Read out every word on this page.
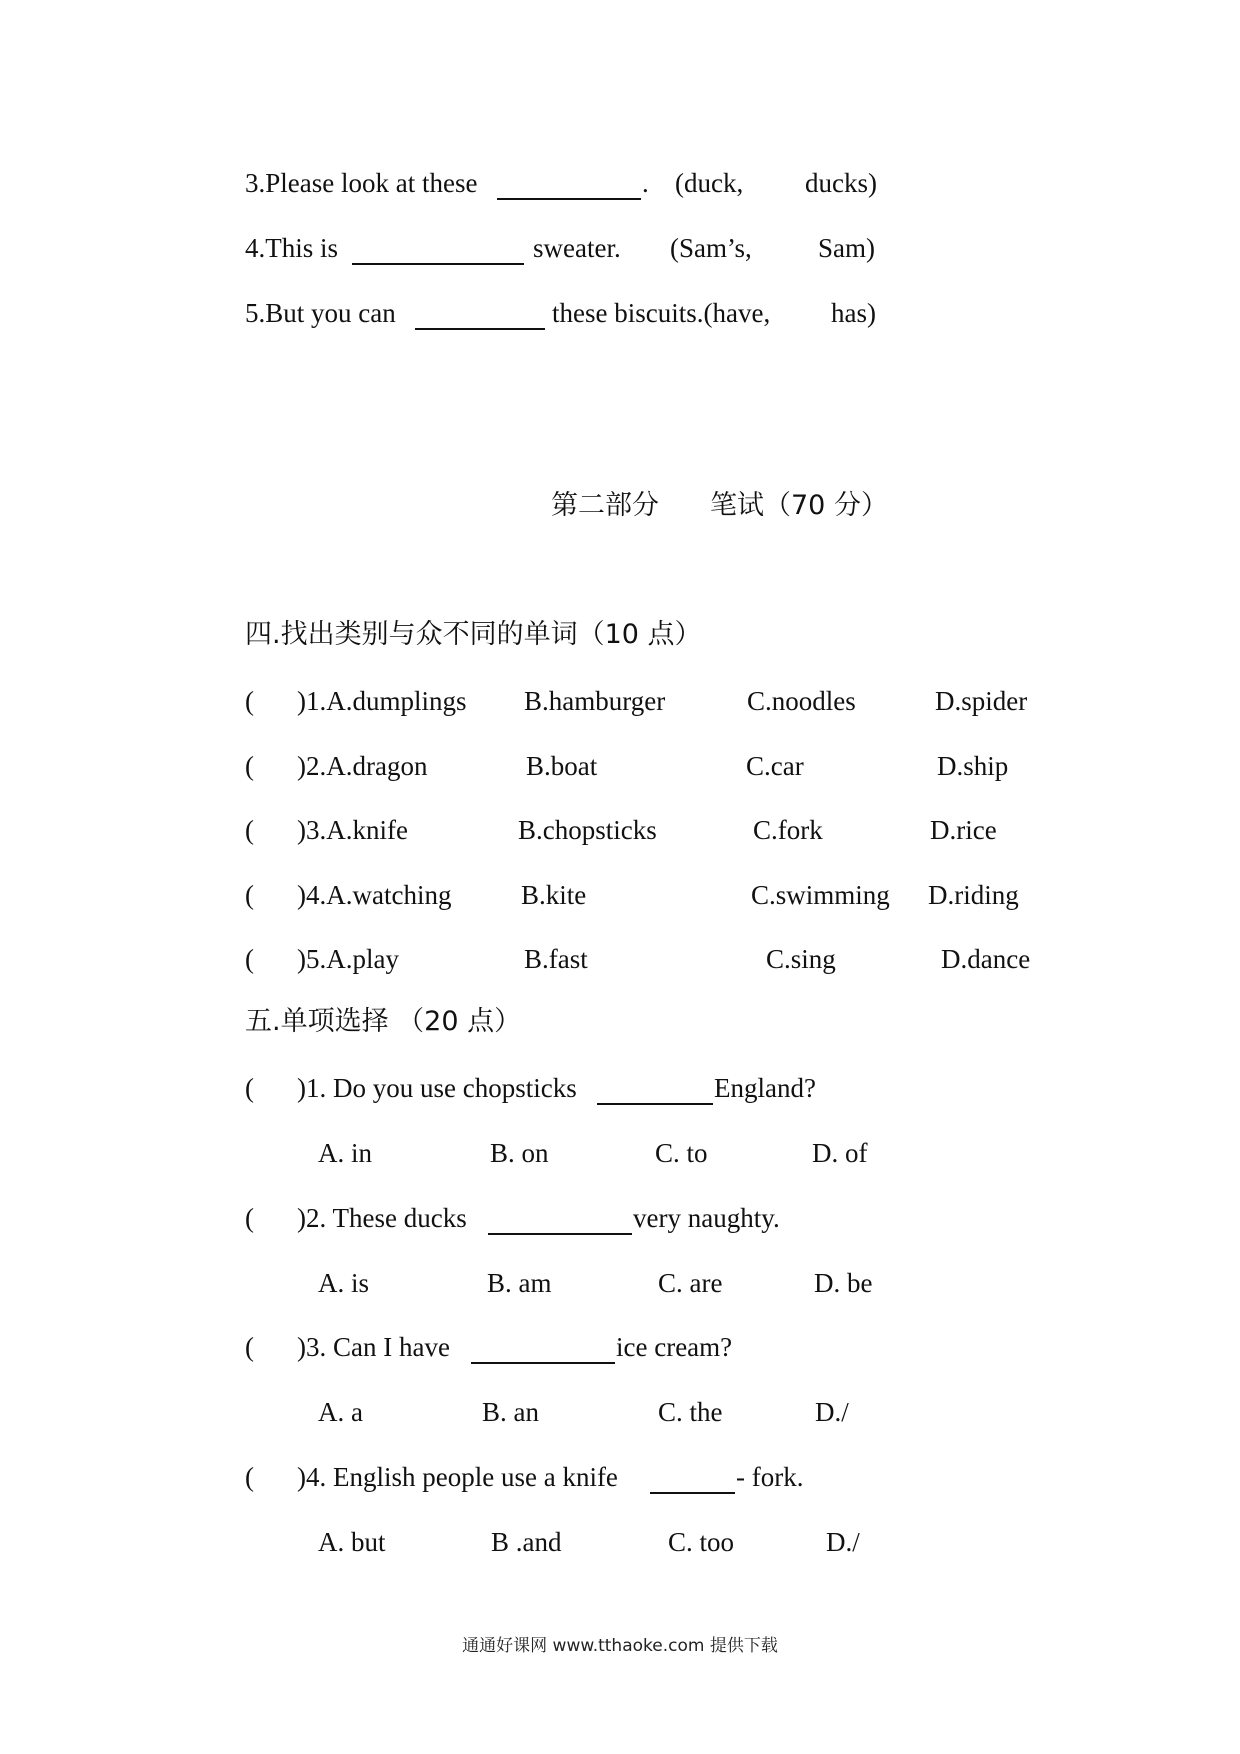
3.Please look at these	. (duck, ducks)
4.This is	sweater. (Sam’s, Sam)
5.But you can	these biscuits.(have, has)
第二部分 笔试（70 分）
四.找出类别与众不同的单词（10 点）
( )1.A.dumplings B.hamburger	C.noodles	D.spider
( )2.A.dragon	B.boat	C.car	D.ship
( )3.A.knife	B.chopsticks	C.fork	D.rice
( )4.A.watching	B.kite	C.swimming D.riding
( )5.A.play	B.fast	C.sing	D.dance
五.单项选择 （20 点）
( )1. Do you use chopsticks	England?
A. in	B. on	C. to	D. of
( )2. These ducks	very naughty.
A. is	B. am	C. are	D. be
( )3. Can I have	ice cream?
A. a	B. an	C. the	D./
( )4. English people use a knife	- fork.
A. but	B .and	C. too	D./
通通好课网 www.tthaoke.com 提供下载
